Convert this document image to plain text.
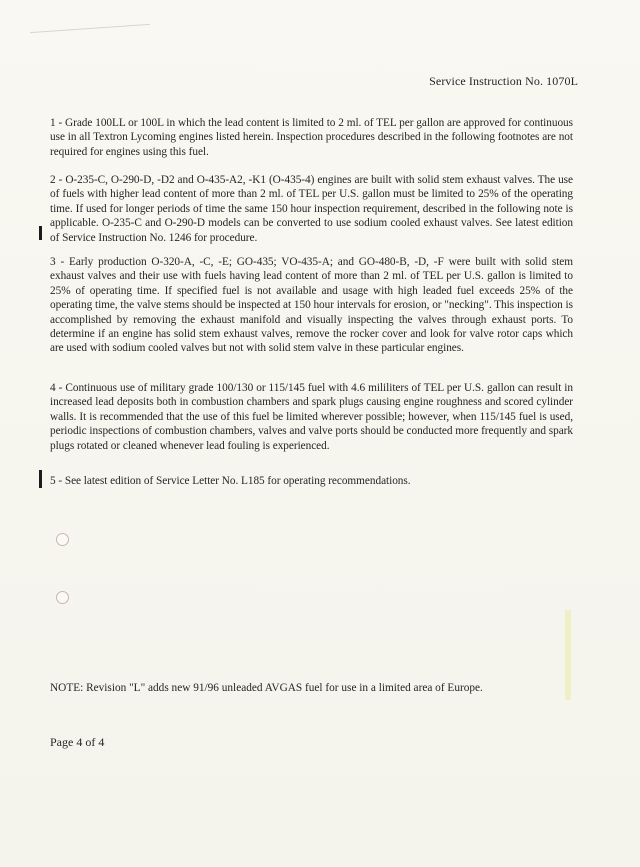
Service Instruction No. 1070L

1 - Grade 100LL or 100L in which the lead content is limited to 2 ml. of TEL per gallon are approved for continuous use in all Textron Lycoming engines listed herein. Inspection procedures described in the following footnotes are not required for engines using this fuel.

2 - O-235-C, O-290-D, -D2 and O-435-A2, -K1 (O-435-4) engines are built with solid stem exhaust valves. The use of fuels with higher lead content of more than 2 ml. of TEL per U.S. gallon must be limited to 25% of the operating time. If used for longer periods of time the same 150 hour inspection requirement, described in the following note is applicable. O-235-C and O-290-D models can be converted to use sodium cooled exhaust valves. See latest edition of Service Instruction No. 1246 for procedure.

3 - Early production O-320-A, -C, -E; GO-435; VO-435-A; and GO-480-B, -D, -F were built with solid stem exhaust valves and their use with fuels having lead content of more than 2 ml. of TEL per U.S. gallon is limited to 25% of operating time. If specified fuel is not available and usage with high leaded fuel exceeds 25% of the operating time, the valve stems should be inspected at 150 hour intervals for erosion, or "necking". This inspection is accomplished by removing the exhaust manifold and visually inspecting the valves through exhaust ports. To determine if an engine has solid stem exhaust valves, remove the rocker cover and look for valve rotor caps which are used with sodium cooled valves but not with solid stem valve in these particular engines.

4 - Continuous use of military grade 100/130 or 115/145 fuel with 4.6 mililiters of TEL per U.S. gallon can result in increased lead deposits both in combustion chambers and spark plugs causing engine roughness and scored cylinder walls. It is recommended that the use of this fuel be limited wherever possible; however, when 115/145 fuel is used, periodic inspections of combustion chambers, valves and valve ports should be conducted more frequently and spark plugs rotated or cleaned whenever lead fouling is experienced.

5 - See latest edition of Service Letter No. L185 for operating recommendations.

NOTE: Revision "L" adds new 91/96 unleaded AVGAS fuel for use in a limited area of Europe.
Page 4 of 4
